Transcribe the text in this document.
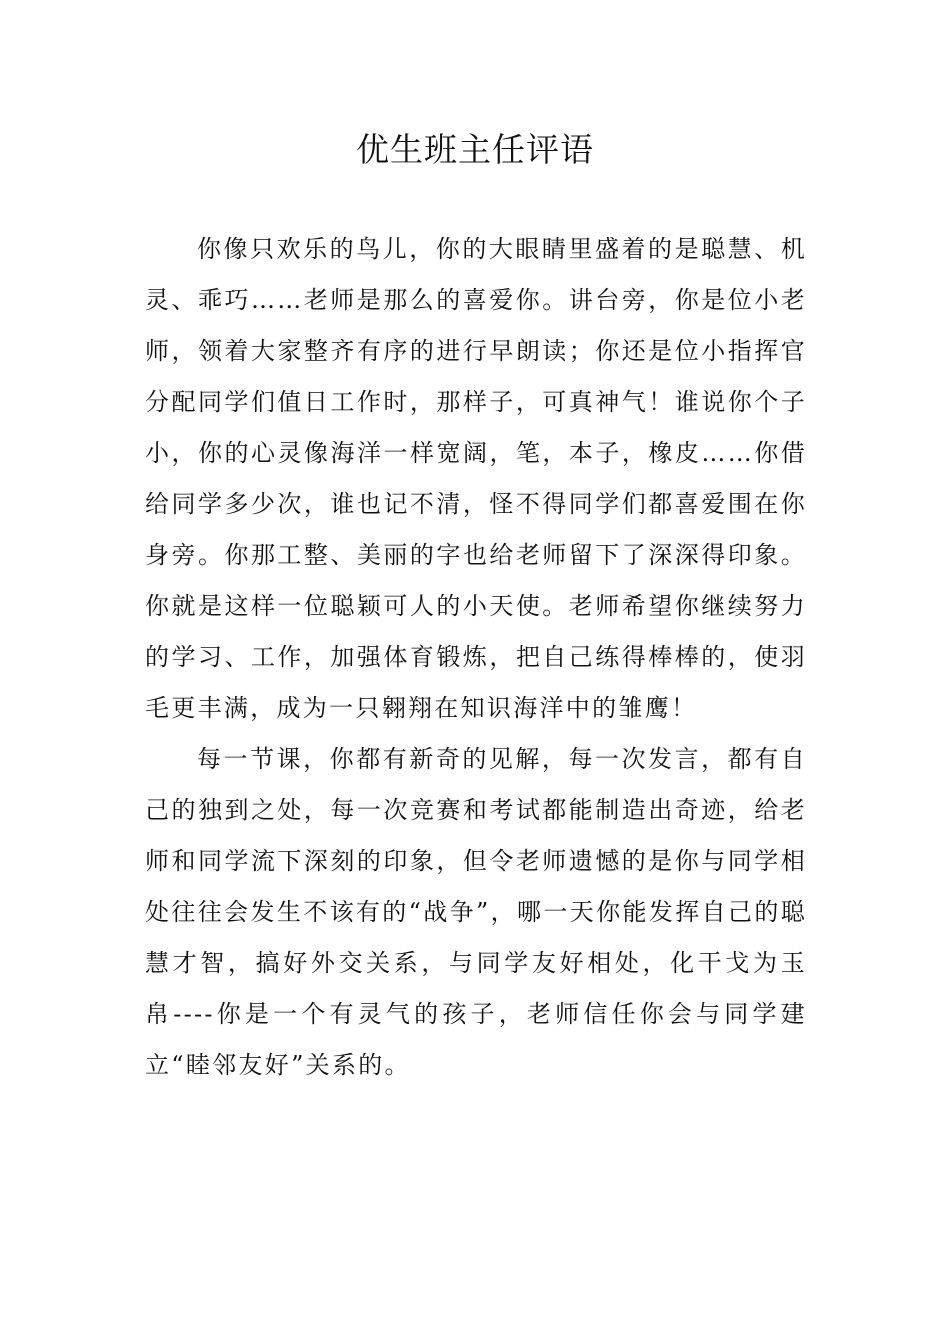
优生班主任评语

你像只欢乐的鸟儿，你的大眼睛里盛着的是聪慧、机灵、乖巧……老师是那么的喜爱你。讲台旁，你是位小老师，领着大家整齐有序的进行早朗读；你还是位小指挥官分配同学们值日工作时，那样子，可真神气！谁说你个子小，你的心灵像海洋一样宽阔，笔，本子，橡皮……你借给同学多少次，谁也记不清，怪不得同学们都喜爱围在你身旁。你那工整、美丽的字也给老师留下了深深得印象。你就是这样一位聪颖可人的小天使。老师希望你继续努力的学习、工作，加强体育锻炼，把自己练得棒棒的，使羽毛更丰满，成为一只翱翔在知识海洋中的雏鹰！

每一节课，你都有新奇的见解，每一次发言，都有自己的独到之处，每一次竞赛和考试都能制造出奇迹，给老师和同学流下深刻的印象，但令老师遗憾的是你与同学相处往往会发生不该有的“战争”，哪一天你能发挥自己的聪慧才智，搞好外交关系，与同学友好相处，化干戈为玉帛----你是一个有灵气的孩子，老师信任你会与同学建立“睦邻友好”关系的。
